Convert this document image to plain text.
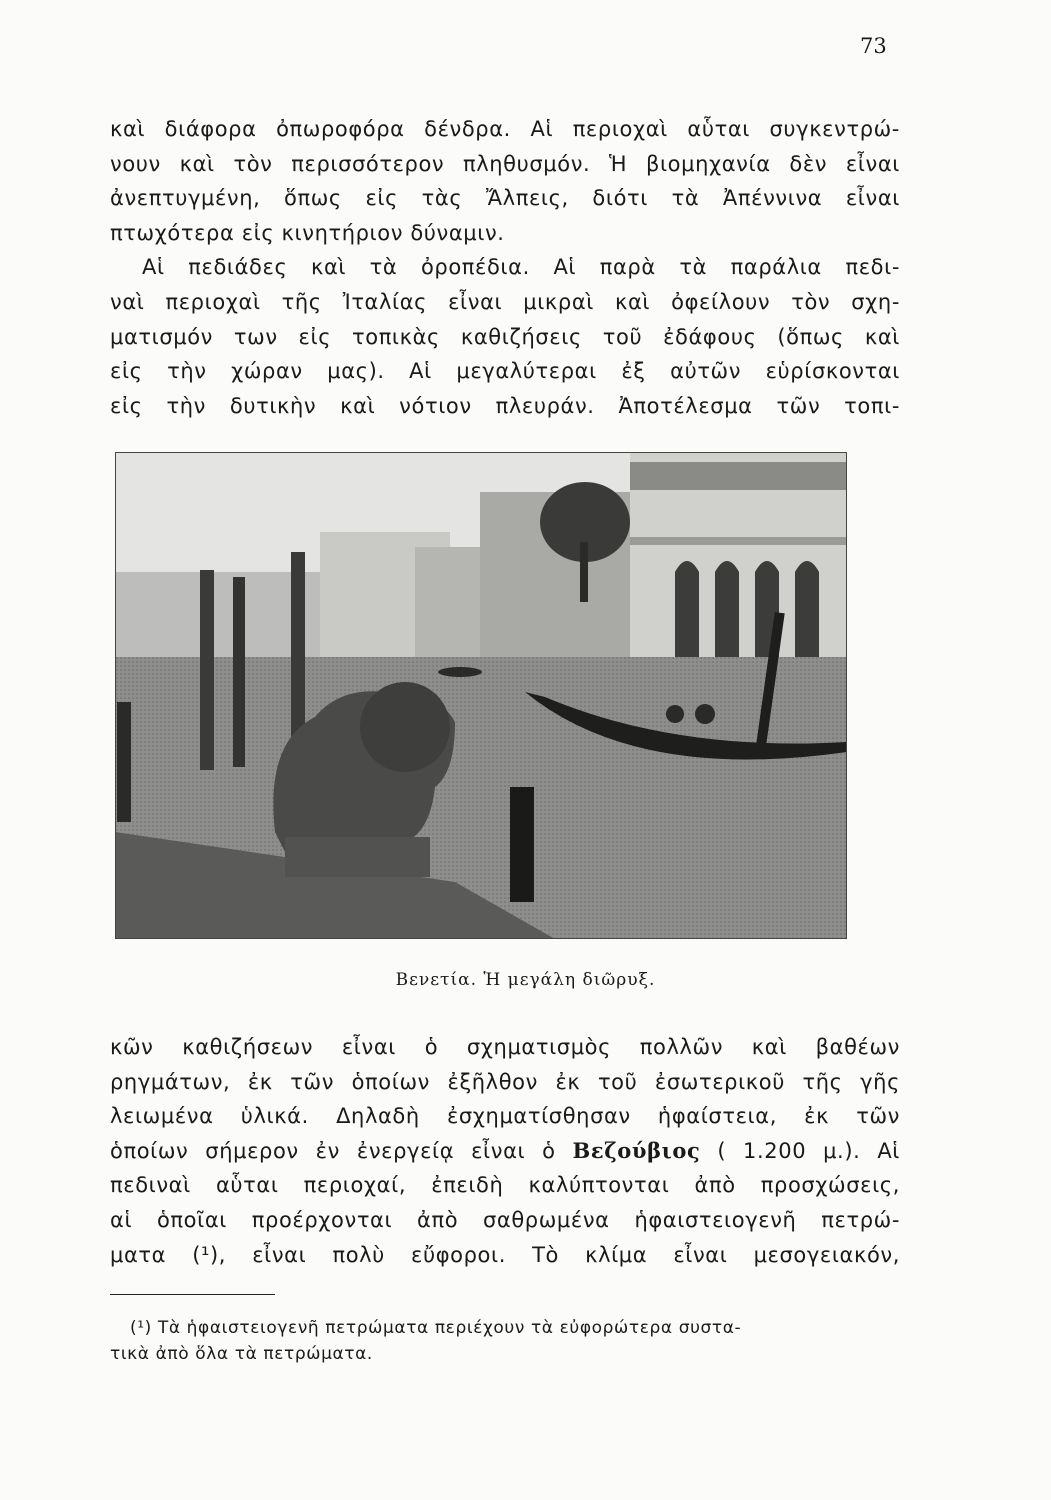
73
καὶ διάφορα ὀπωροφόρα δένδρα. Αἱ περιοχαὶ αὗται συγκεντρώ-
νουν καὶ τὸν περισσότερον πληθυσμόν. Ἡ βιομηχανία δὲν εἶναι
ἀνεπτυγμένη, ὅπως εἰς τὰς Ἄλπεις, διότι τὰ Ἀπέννινα εἶναι
πτωχότερα εἰς κινητήριον δύναμιν.
Αἱ πεδιάδες καὶ τὰ ὀροπέδια. Αἱ παρὰ τὰ παράλια πεδι-
ναὶ περιοχαὶ τῆς Ἰταλίας εἶναι μικραὶ καὶ ὀφείλουν τὸν σχη-
ματισμόν των εἰς τοπικὰς καθιζήσεις τοῦ ἐδάφους (ὅπως καὶ
εἰς τὴν χώραν μας). Αἱ μεγαλύτεραι ἐξ αὐτῶν εὑρίσκονται
εἰς τὴν δυτικὴν καὶ νότιον πλευράν. Ἀποτέλεσμα τῶν τοπι-
Βενετία. Ἡ μεγάλη διῶρυξ.
κῶν καθιζήσεων εἶναι ὁ σχηματισμὸς πολλῶν καὶ βαθέων
ρηγμάτων, ἐκ τῶν ὁποίων ἐξῆλθον ἐκ τοῦ ἐσωτερικοῦ τῆς γῆς
λειωμένα ὑλικά. Δηλαδὴ ἐσχηματίσθησαν ἡφαίστεια, ἐκ τῶν
ὁποίων σήμερον ἐν ἐνεργείᾳ εἶναι ὁ Βεζούβιος ( 1.200 μ.). Αἱ
πεδιναὶ αὗται περιοχαί, ἐπειδὴ καλύπτονται ἀπὸ προσχώσεις,
αἱ ὁποῖαι προέρχονται ἀπὸ σαθρωμένα ἡφαιστειογενῆ πετρώ-
ματα (¹), εἶναι πολὺ εὔφοροι. Τὸ κλίμα εἶναι μεσογειακόν,
(¹) Τὰ ἡφαιστειογενῆ πετρώματα περιέχουν τὰ εὐφορώτερα συστα-
τικὰ ἀπὸ ὅλα τὰ πετρώματα.
